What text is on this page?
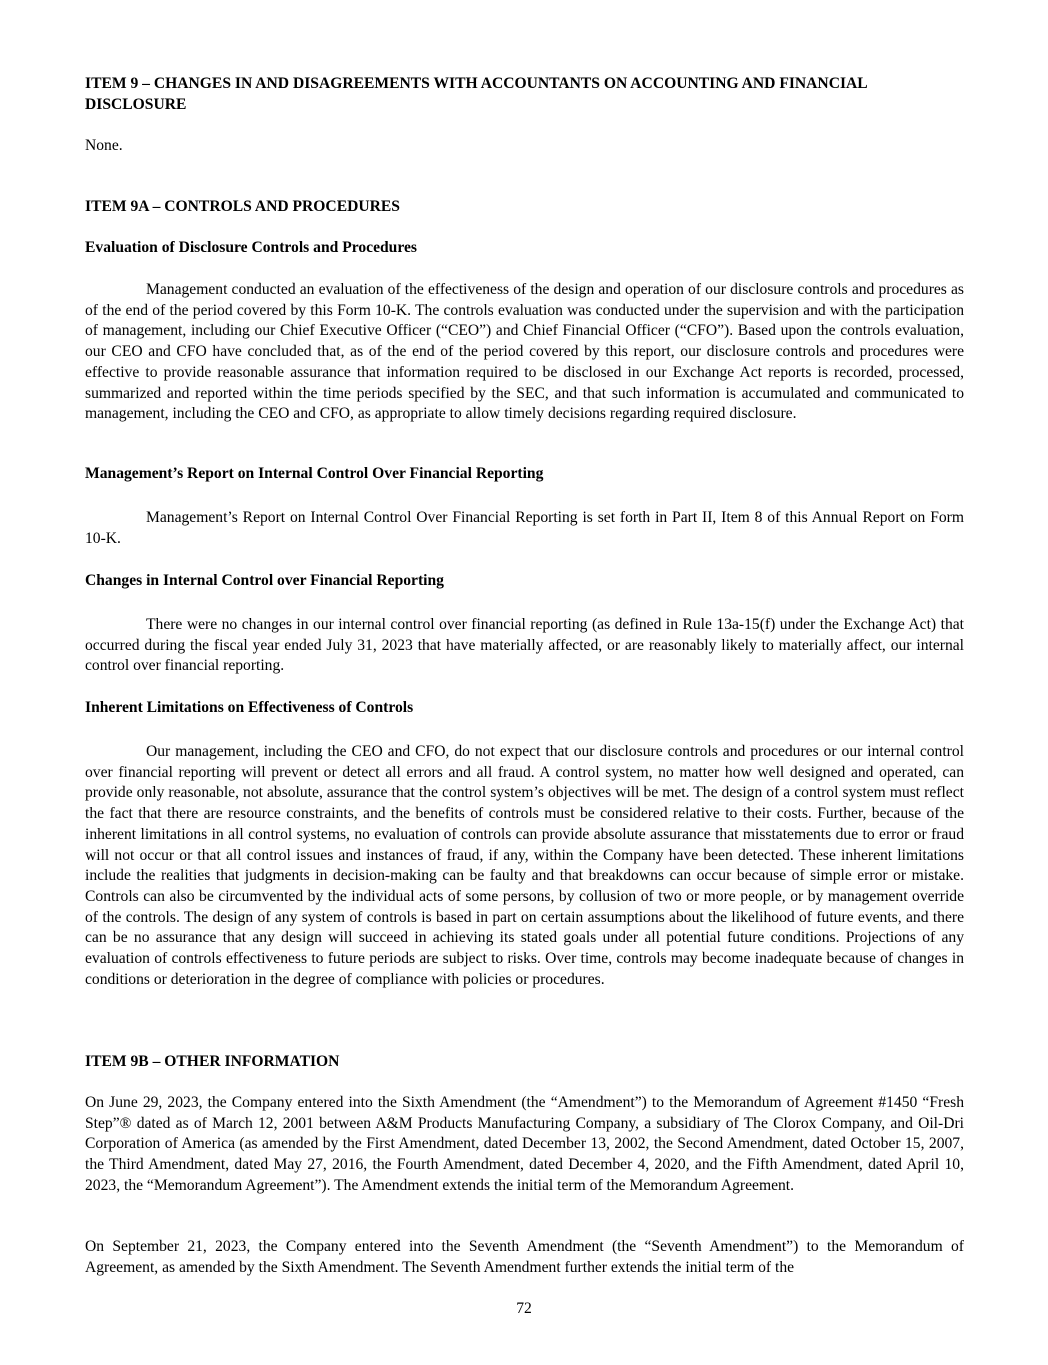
ITEM 9 – CHANGES IN AND DISAGREEMENTS WITH ACCOUNTANTS ON ACCOUNTING AND FINANCIAL DISCLOSURE
None.
ITEM 9A – CONTROLS AND PROCEDURES
Evaluation of Disclosure Controls and Procedures
Management conducted an evaluation of the effectiveness of the design and operation of our disclosure controls and procedures as of the end of the period covered by this Form 10-K. The controls evaluation was conducted under the supervision and with the participation of management, including our Chief Executive Officer (“CEO”) and Chief Financial Officer (“CFO”). Based upon the controls evaluation, our CEO and CFO have concluded that, as of the end of the period covered by this report, our disclosure controls and procedures were effective to provide reasonable assurance that information required to be disclosed in our Exchange Act reports is recorded, processed, summarized and reported within the time periods specified by the SEC, and that such information is accumulated and communicated to management, including the CEO and CFO, as appropriate to allow timely decisions regarding required disclosure.
Management’s Report on Internal Control Over Financial Reporting
Management’s Report on Internal Control Over Financial Reporting is set forth in Part II, Item 8 of this Annual Report on Form 10-K.
Changes in Internal Control over Financial Reporting
There were no changes in our internal control over financial reporting (as defined in Rule 13a-15(f) under the Exchange Act) that occurred during the fiscal year ended July 31, 2023 that have materially affected, or are reasonably likely to materially affect, our internal control over financial reporting.
Inherent Limitations on Effectiveness of Controls
Our management, including the CEO and CFO, do not expect that our disclosure controls and procedures or our internal control over financial reporting will prevent or detect all errors and all fraud. A control system, no matter how well designed and operated, can provide only reasonable, not absolute, assurance that the control system’s objectives will be met. The design of a control system must reflect the fact that there are resource constraints, and the benefits of controls must be considered relative to their costs. Further, because of the inherent limitations in all control systems, no evaluation of controls can provide absolute assurance that misstatements due to error or fraud will not occur or that all control issues and instances of fraud, if any, within the Company have been detected. These inherent limitations include the realities that judgments in decision-making can be faulty and that breakdowns can occur because of simple error or mistake. Controls can also be circumvented by the individual acts of some persons, by collusion of two or more people, or by management override of the controls. The design of any system of controls is based in part on certain assumptions about the likelihood of future events, and there can be no assurance that any design will succeed in achieving its stated goals under all potential future conditions. Projections of any evaluation of controls effectiveness to future periods are subject to risks. Over time, controls may become inadequate because of changes in conditions or deterioration in the degree of compliance with policies or procedures.
ITEM 9B – OTHER INFORMATION
On June 29, 2023, the Company entered into the Sixth Amendment (the “Amendment”) to the Memorandum of Agreement #1450 “Fresh Step”® dated as of March 12, 2001 between A&M Products Manufacturing Company, a subsidiary of The Clorox Company, and Oil-Dri Corporation of America (as amended by the First Amendment, dated December 13, 2002, the Second Amendment, dated October 15, 2007, the Third Amendment, dated May 27, 2016, the Fourth Amendment, dated December 4, 2020, and the Fifth Amendment, dated April 10, 2023, the “Memorandum Agreement”). The Amendment extends the initial term of the Memorandum Agreement.
On September 21, 2023, the Company entered into the Seventh Amendment (the “Seventh Amendment”) to the Memorandum of Agreement, as amended by the Sixth Amendment. The Seventh Amendment further extends the initial term of the
72
